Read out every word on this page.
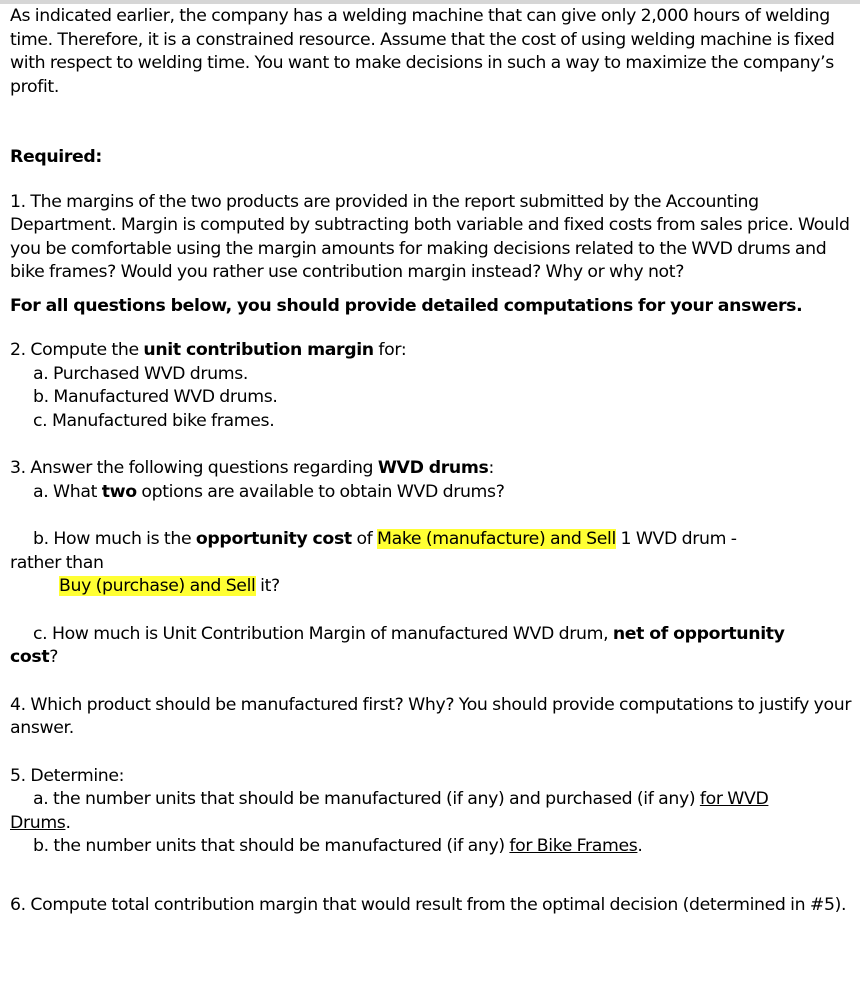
As indicated earlier, the company has a welding machine that can give only 2,000 hours of welding time. Therefore, it is a constrained resource. Assume that the cost of using welding machine is fixed with respect to welding time. You want to make decisions in such a way to maximize the company’s profit.

Required:

1. The margins of the two products are provided in the report submitted by the Accounting Department. Margin is computed by subtracting both variable and fixed costs from sales price. Would you be comfortable using the margin amounts for making decisions related to the WVD drums and bike frames? Would you rather use contribution margin instead? Why or why not?

For all questions below, you should provide detailed computations for your answers.

2. Compute the unit contribution margin for:

a. Purchased WVD drums.

b. Manufactured WVD drums.

c. Manufactured bike frames.

3. Answer the following questions regarding WVD drums:

a. What two options are available to obtain WVD drums?

b. How much is the opportunity cost of Make (manufacture) and Sell 1 WVD drum -

rather than

Buy (purchase) and Sell it?

c. How much is Unit Contribution Margin of manufactured WVD drum, net of opportunity

cost?

4. Which product should be manufactured first? Why? You should provide computations to justify your answer.

5. Determine:

a. the number units that should be manufactured (if any) and purchased (if any) for WVD

Drums.

b. the number units that should be manufactured (if any) for Bike Frames.

6. Compute total contribution margin that would result from the optimal decision (determined in #5).
